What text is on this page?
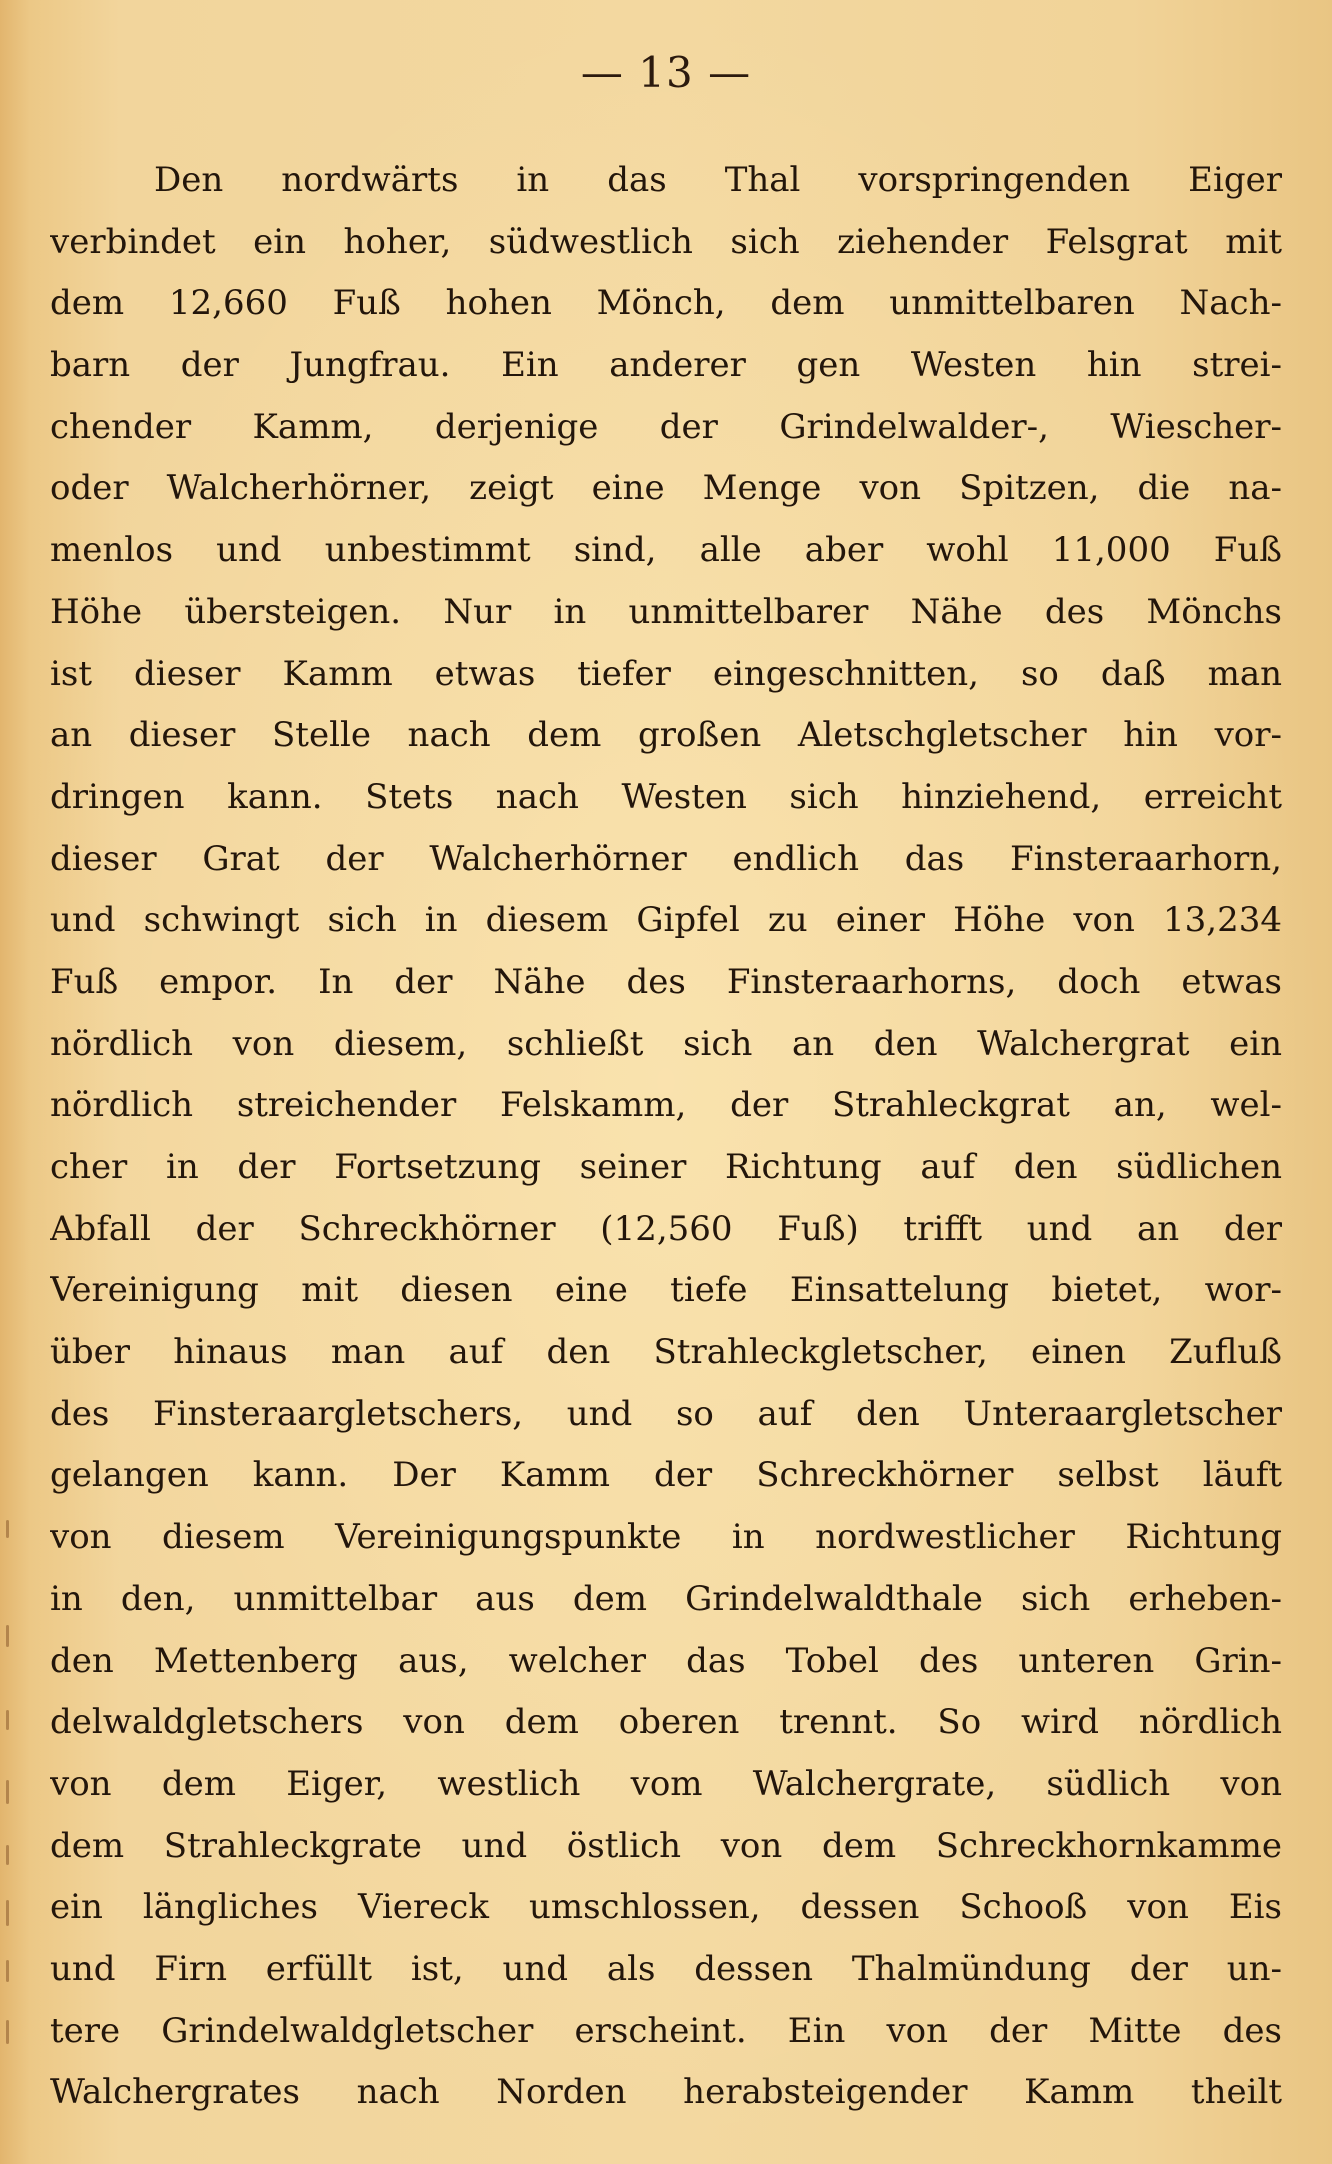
— 13 —
Den nordwärts in das Thal vorspringenden Eiger
verbindet ein hoher, südwestlich sich ziehender Felsgrat mit
dem 12,660 Fuß hohen Mönch, dem unmittelbaren Nach-
barn der Jungfrau. Ein anderer gen Westen hin strei-
chender Kamm, derjenige der Grindelwalder-, Wiescher-
oder Walcherhörner, zeigt eine Menge von Spitzen, die na-
menlos und unbestimmt sind, alle aber wohl 11,000 Fuß
Höhe übersteigen. Nur in unmittelbarer Nähe des Mönchs
ist dieser Kamm etwas tiefer eingeschnitten, so daß man
an dieser Stelle nach dem großen Aletschgletscher hin vor-
dringen kann. Stets nach Westen sich hinziehend, erreicht
dieser Grat der Walcherhörner endlich das Finsteraarhorn,
und schwingt sich in diesem Gipfel zu einer Höhe von 13,234
Fuß empor. In der Nähe des Finsteraarhorns, doch etwas
nördlich von diesem, schließt sich an den Walchergrat ein
nördlich streichender Felskamm, der Strahleckgrat an, wel-
cher in der Fortsetzung seiner Richtung auf den südlichen
Abfall der Schreckhörner (12,560 Fuß) trifft und an der
Vereinigung mit diesen eine tiefe Einsattelung bietet, wor-
über hinaus man auf den Strahleckgletscher, einen Zufluß
des Finsteraargletschers, und so auf den Unteraargletscher
gelangen kann. Der Kamm der Schreckhörner selbst läuft
von diesem Vereinigungspunkte in nordwestlicher Richtung
in den, unmittelbar aus dem Grindelwaldthale sich erheben-
den Mettenberg aus, welcher das Tobel des unteren Grin-
delwaldgletschers von dem oberen trennt. So wird nördlich
von dem Eiger, westlich vom Walchergrate, südlich von
dem Strahleckgrate und östlich von dem Schreckhornkamme
ein längliches Viereck umschlossen, dessen Schooß von Eis
und Firn erfüllt ist, und als dessen Thalmündung der un-
tere Grindelwaldgletscher erscheint. Ein von der Mitte des
Walchergrates nach Norden herabsteigender Kamm theilt
